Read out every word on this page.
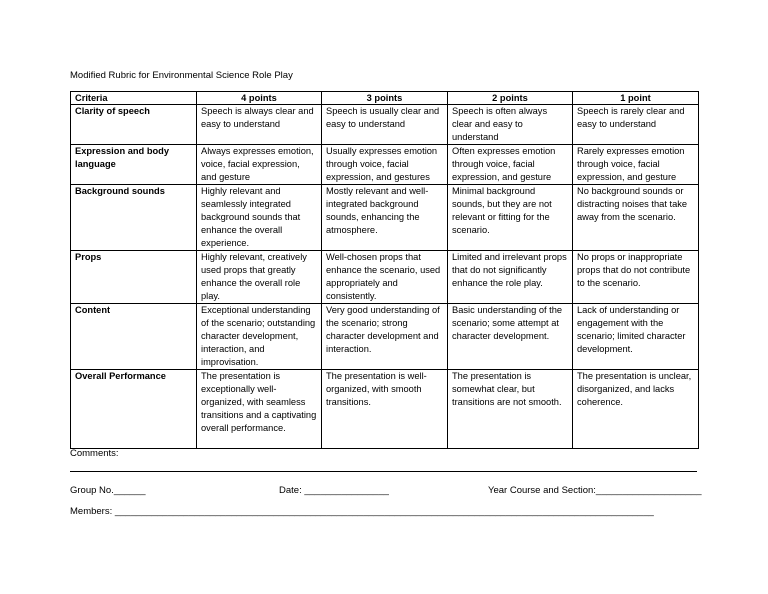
Modified Rubric for Environmental Science Role Play
Criteria	4 points	3 points	2 points	1 point
Clarity of speech	Speech is always clear and easy to understand	Speech is usually clear and easy to understand	Speech is often always clear and easy to understand	Speech is rarely clear and easy to understand
Expression and body language	Always expresses emotion, voice, facial expression, and gesture	Usually expresses emotion through voice, facial expression, and gestures	Often expresses emotion through voice, facial expression, and gesture	Rarely expresses emotion through voice, facial expression, and gesture
Background sounds	Highly relevant and seamlessly integrated background sounds that enhance the overall experience.	Mostly relevant and well-integrated background sounds, enhancing the atmosphere.	Minimal background sounds, but they are not relevant or fitting for the scenario.	No background sounds or distracting noises that take away from the scenario.
Props	Highly relevant, creatively used props that greatly enhance the overall role play.	Well-chosen props that enhance the scenario, used appropriately and consistently.	Limited and irrelevant props that do not significantly enhance the role play.	No props or inappropriate props that do not contribute to the scenario.
Content	Exceptional understanding of the scenario; outstanding character development, interaction, and improvisation.	Very good understanding of the scenario; strong character development and interaction.	Basic understanding of the scenario; some attempt at character development.	Lack of understanding or engagement with the scenario; limited character development.
Overall Performance	The presentation is exceptionally well-organized, with seamless transitions and a captivating overall performance.	The presentation is well-organized, with smooth transitions.	The presentation is somewhat clear, but transitions are not smooth.	The presentation is unclear, disorganized, and lacks coherence.
Comments:
Group No.______	Date: ________________	Year Course and Section:____________________
Members: ______________________________________________________________________________________________________
